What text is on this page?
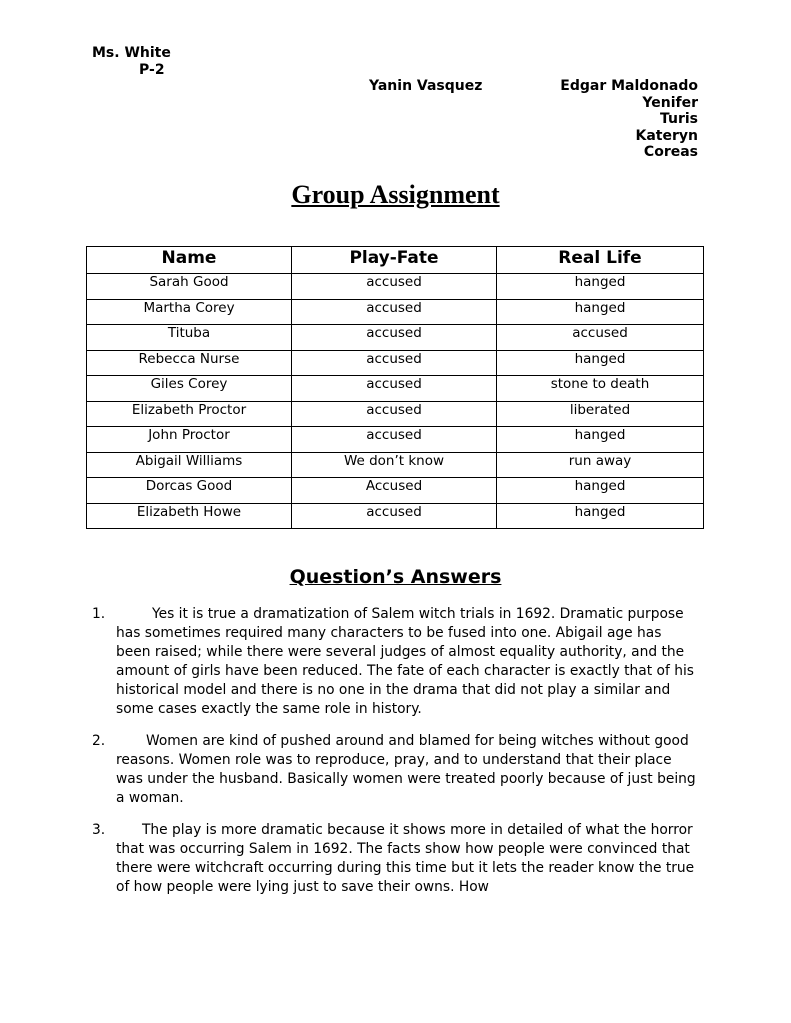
Ms. White
P-2
Yanin Vasquez	Edgar Maldonado
Yenifer
Turis
Kateryn
Coreas
Group Assignment
Name	Play-Fate	Real Life
Sarah Good	accused	hanged
Martha Corey	accused	hanged
Tituba	accused	accused
Rebecca Nurse	accused	hanged
Giles Corey	accused	stone to death
Elizabeth Proctor	accused	liberated
John Proctor	accused	hanged
Abigail Williams	We don’t know	run away
Dorcas Good	Accused	hanged
Elizabeth Howe	accused	hanged
Question’s Answers
1.	Yes it is true a dramatization of Salem witch trials in 1692. Dramatic purpose has sometimes required many characters to be fused into one. Abigail age has been raised; while there were several judges of almost equality authority, and the amount of girls have been reduced. The fate of each character is exactly that of his historical model and there is no one in the drama that did not play a similar and some cases exactly the same role in history.
2.	Women are kind of pushed around and blamed for being witches without good reasons. Women role was to reproduce, pray, and to understand that their place was under the husband. Basically women were treated poorly because of just being a woman.
3.	The play is more dramatic because it shows more in detailed of what the horror that was occurring Salem in 1692. The facts show how people were convinced that there were witchcraft occurring during this time but it lets the reader know the true of how people were lying just to save their owns. How
